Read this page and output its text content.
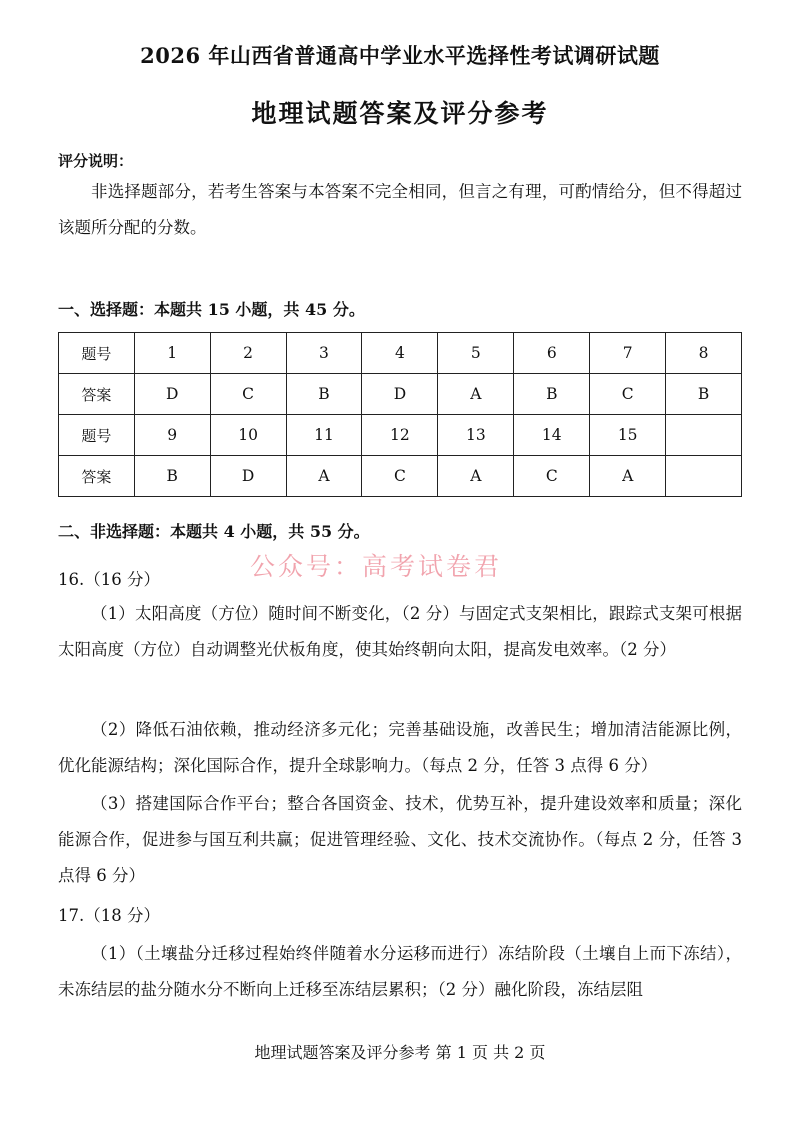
2026 年山西省普通高中学业水平选择性考试调研试题
地理试题答案及评分参考
评分说明：
非选择题部分，若考生答案与本答案不完全相同，但言之有理，可酌情给分，但不得超过该题所分配的分数。
一、选择题：本题共 15 小题，共 45 分。
题号	1	2	3	4	5	6	7	8
答案	D	C	B	D	A	B	C	B
题号	9	10	11	12	13	14	15	
答案	B	D	A	C	A	C	A	
二、非选择题：本题共 4 小题，共 55 分。
公众号：高考试卷君
16.（16 分）
（1）太阳高度（方位）随时间不断变化，（2 分）与固定式支架相比，跟踪式支架可根据太阳高度（方位）自动调整光伏板角度，使其始终朝向太阳，提高发电效率。（2 分）
（2）降低石油依赖，推动经济多元化；完善基础设施，改善民生；增加清洁能源比例，优化能源结构；深化国际合作，提升全球影响力。（每点 2 分，任答 3 点得 6 分）
（3）搭建国际合作平台；整合各国资金、技术，优势互补，提升建设效率和质量；深化能源合作，促进参与国互利共赢；促进管理经验、文化、技术交流协作。（每点 2 分，任答 3 点得 6 分）
17.（18 分）
（1）（土壤盐分迁移过程始终伴随着水分运移而进行）冻结阶段（土壤自上而下冻结），未冻结层的盐分随水分不断向上迁移至冻结层累积；（2 分）融化阶段，冻结层阻
地理试题答案及评分参考 第 1 页 共 2 页
